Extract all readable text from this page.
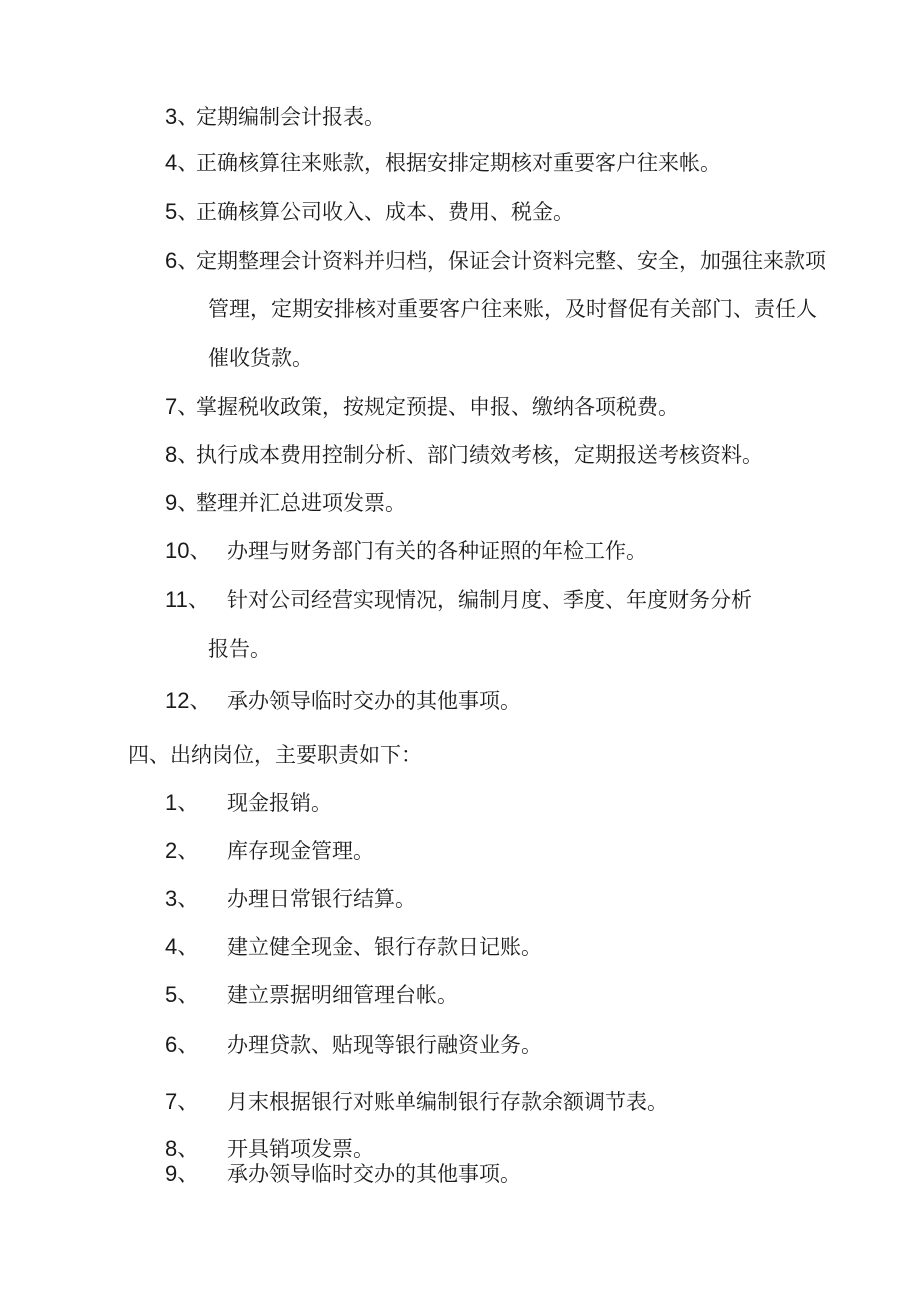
3、定期编制会计报表。
4、正确核算往来账款，根据安排定期核对重要客户往来帐。
5、正确核算公司收入、成本、费用、税金。
6、定期整理会计资料并归档，保证会计资料完整、安全，加强往来款项
管理，定期安排核对重要客户往来账，及时督促有关部门、责任人
催收货款。
7、掌握税收政策，按规定预提、申报、缴纳各项税费。
8、执行成本费用控制分析、部门绩效考核，定期报送考核资料。
9、整理并汇总进项发票。
10、 办理与财务部门有关的各种证照的年检工作。
11、 针对公司经营实现情况，编制月度、季度、年度财务分析
报告。
12、 承办领导临时交办的其他事项。
四、出纳岗位，主要职责如下：
1、 现金报销。
2、 库存现金管理。
3、 办理日常银行结算。
4、 建立健全现金、银行存款日记账。
5、 建立票据明细管理台帐。
6、 办理贷款、贴现等银行融资业务。
7、 月末根据银行对账单编制银行存款余额调节表。
8、 开具销项发票。
9、 承办领导临时交办的其他事项。
